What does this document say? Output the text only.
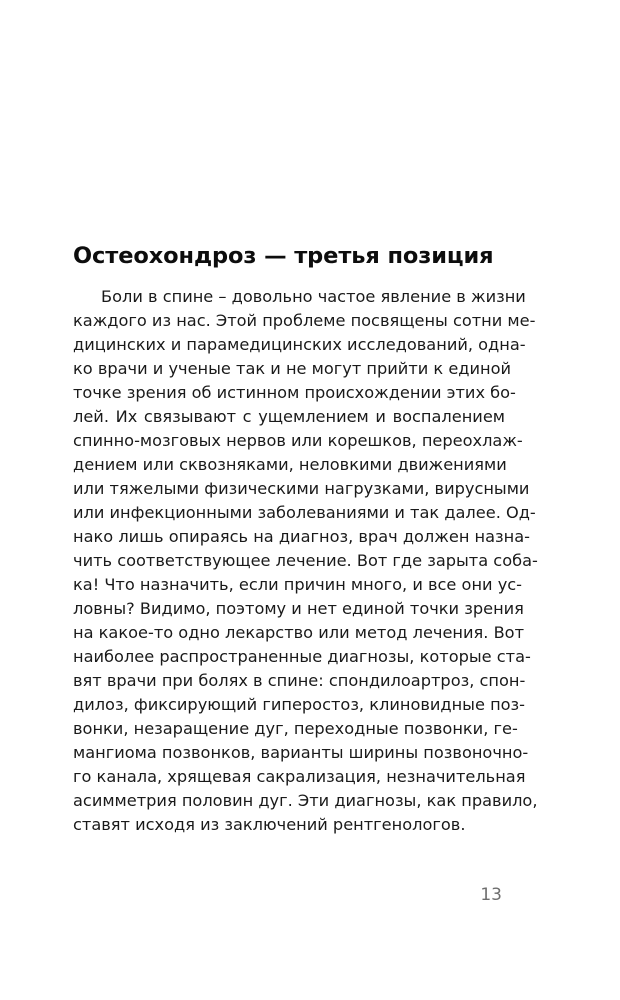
Остеохондроз — третья позиция
Боли в спине – довольно частое явление в жизни
каждого из нас. Этой проблеме посвящены сотни ме-
дицинских и парамедицинских исследований, одна-
ко врачи и ученые так и не могут прийти к единой
точке зрения об истинном происхождении этих бо-
лей. Их связывают с ущемлением и воспалением
спинно-мозговых нервов или корешков, переохлаж-
дением или сквозняками, неловкими движениями
или тяжелыми физическими нагрузками, вирусными
или инфекционными заболеваниями и так далее. Од-
нако лишь опираясь на диагноз, врач должен назна-
чить соответствующее лечение. Вот где зарыта соба-
ка! Что назначить, если причин много, и все они ус-
ловны? Видимо, поэтому и нет единой точки зрения
на какое-то одно лекарство или метод лечения. Вот
наиболее распространенные диагнозы, которые ста-
вят врачи при болях в спине: спондилоартроз, спон-
дилоз, фиксирующий гиперостоз, клиновидные поз-
вонки, незаращение дуг, переходные позвонки, ге-
мангиома позвонков, варианты ширины позвоночно-
го канала, хрящевая сакрализация, незначительная
асимметрия половин дуг. Эти диагнозы, как правило,
ставят исходя из заключений рентгенологов.
13
